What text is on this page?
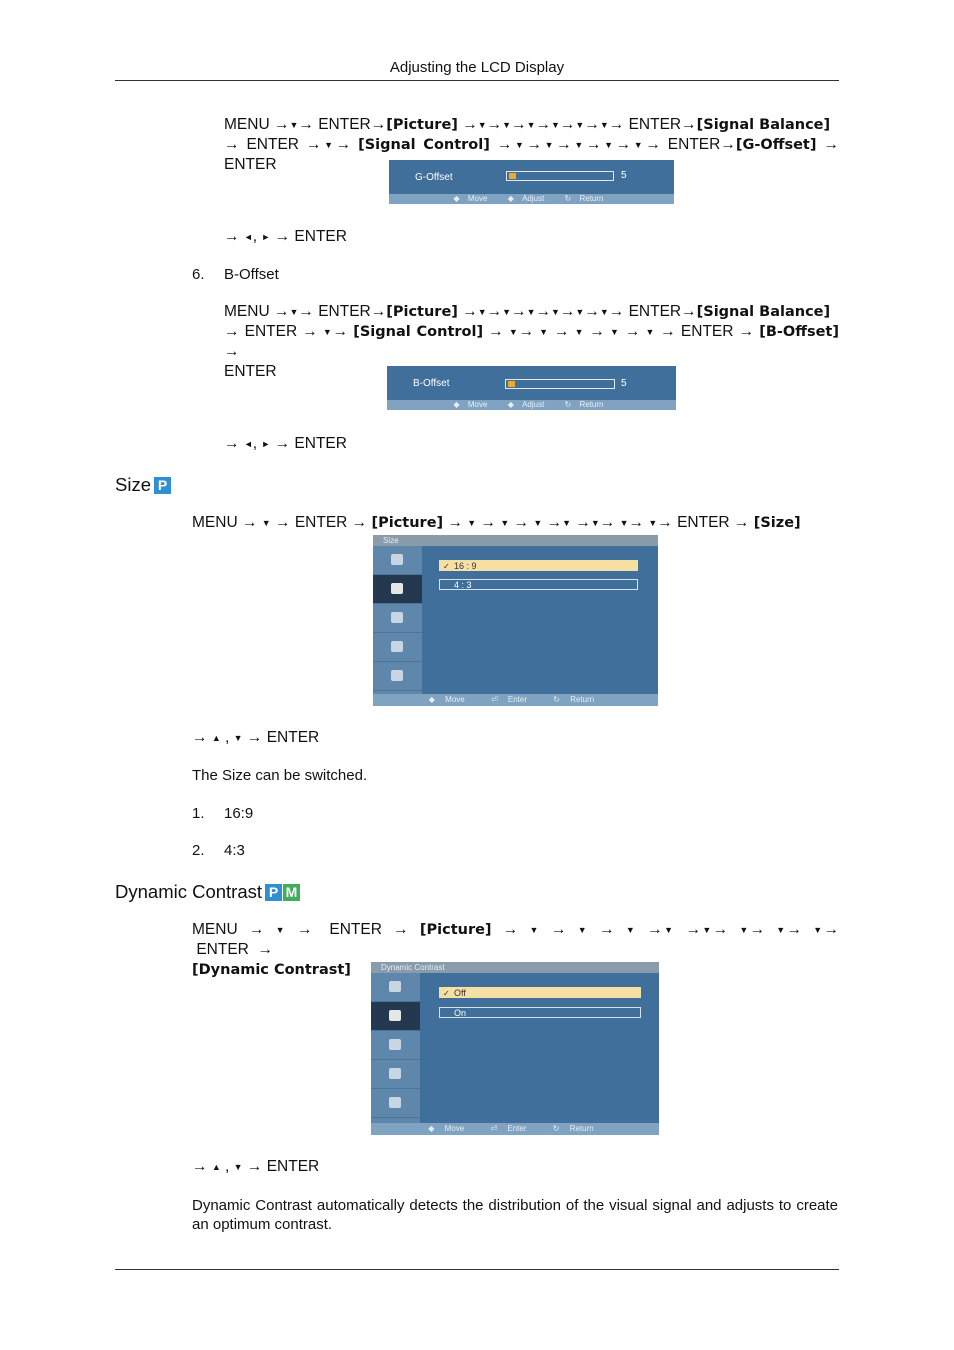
Adjusting the LCD Display
MENU →▼→ ENTER→[Picture] →▼→▼→▼→▼→▼→▼→ ENTER→[Signal Balance]
→ ENTER →▼→ [Signal Control] →▼→▼→▼→▼→▼→ ENTER→[G-Offset] → ENTER
G-Offset	5
◆ Move	◆ Adjust	↻ Return
→ ◄, ► → ENTER
6. B-Offset
MENU →▼→ ENTER→[Picture] →▼→▼→▼→▼→▼→▼→ ENTER→[Signal Balance]
→ ENTER → ▼→ [Signal Control] → ▼→ ▼ → ▼ → ▼ → ▼ → ENTER → [B-Offset] →
ENTER
B-Offset	5
◆ Move	◆ Adjust	↻ Return
→ ◄, ► → ENTER
Size P
MENU → ▼ → ENTER → [Picture] → ▼ → ▼ → ▼ →▼ →▼→ ▼→ ▼→ ENTER → [Size]
Size
✓ 16 : 9
4 : 3
◆ Move	⏎ Enter	↻ Return
→ ▲ , ▼ → ENTER
The Size can be switched.
1. 16:9
2. 4:3
Dynamic Contrast P M
MENU  →  ▼  →   ENTER  →  [Picture]  →  ▼  →  ▼  →  ▼  →▼  →▼→  ▼→  ▼→  ▼→  ENTER  →
[Dynamic Contrast]	Dynamic Contrast
✓ Off
On
◆ Move	⏎ Enter	↻ Return
→ ▲ , ▼ → ENTER
Dynamic Contrast automatically detects the distribution of the visual signal and adjusts to create an optimum contrast.
